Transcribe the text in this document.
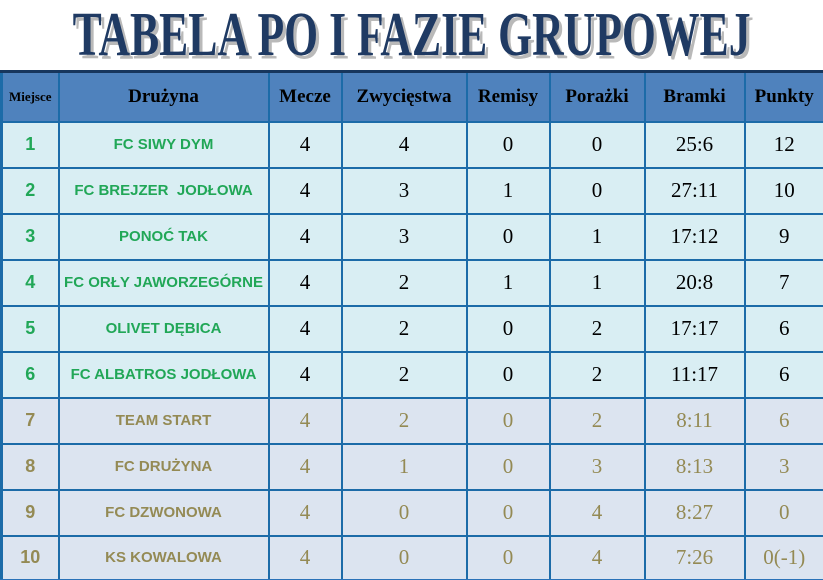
TABELA PO I FAZIE GRUPOWEJ
Miejsce	Drużyna	Mecze	Zwycięstwa	Remisy	Porażki	Bramki	Punkty
1	FC SIWY DYM	4	4	0	0	25:6	12
2	FC BREJZER  JODŁOWA	4	3	1	0	27:11	10
3	PONOĆ TAK	4	3	0	1	17:12	9
4	FC ORŁY JAWORZEGÓRNE	4	2	1	1	20:8	7
5	OLIVET DĘBICA	4	2	0	2	17:17	6
6	FC ALBATROS JODŁOWA	4	2	0	2	11:17	6
7	TEAM START	4	2	0	2	8:11	6
8	FC DRUŻYNA	4	1	0	3	8:13	3
9	FC DZWONOWA	4	0	0	4	8:27	0
10	KS KOWALOWA	4	0	0	4	7:26	0(-1)
